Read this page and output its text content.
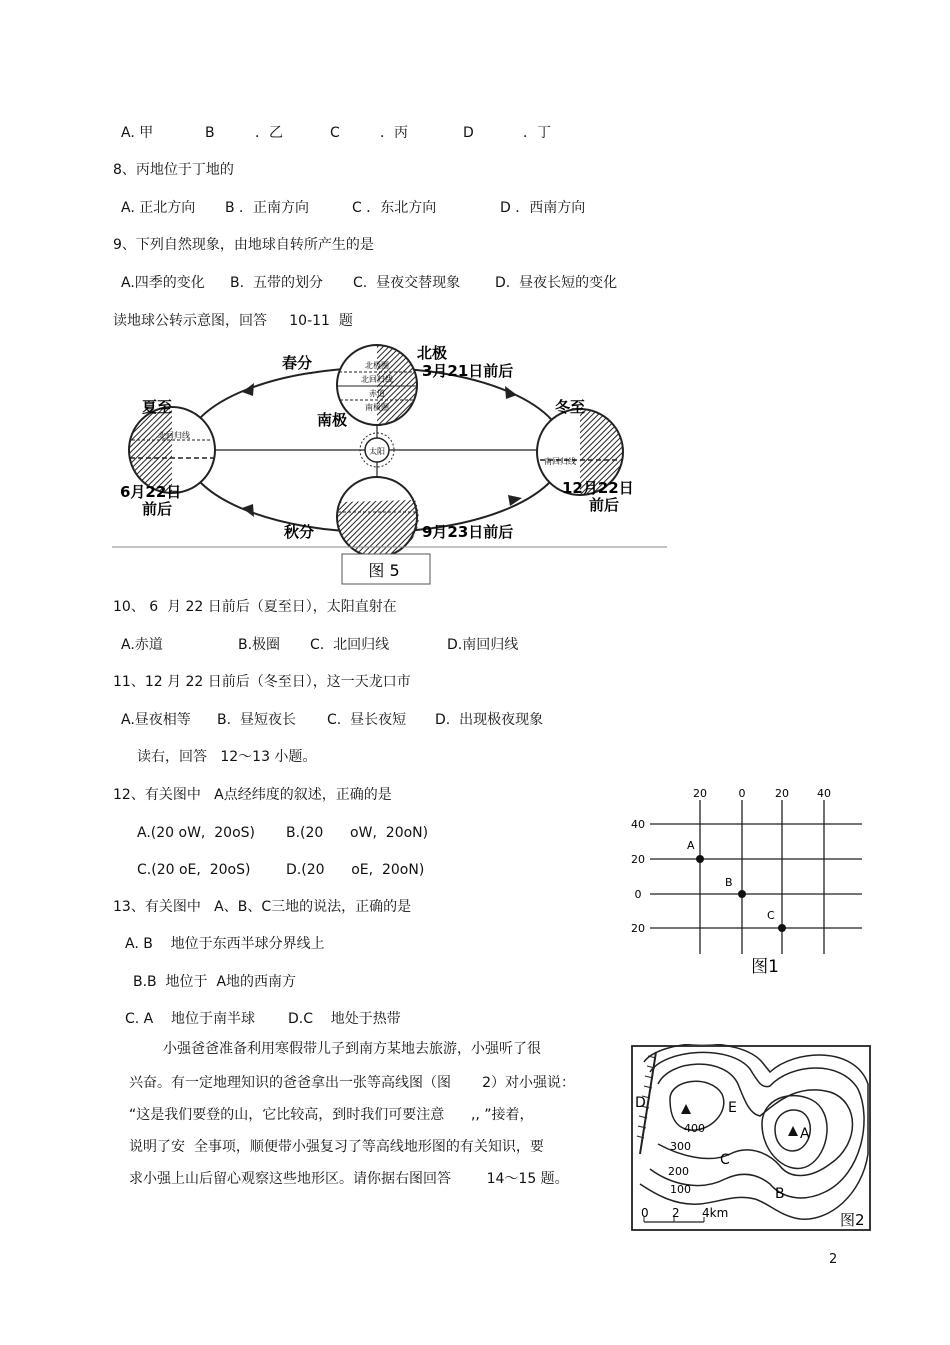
A. 甲	B	．乙	C	．丙	D	．丁
8、丙地位于丁地的
A. 正北方向 B ．正南方向	C ．东北方向	D ．西南方向
9、下列自然现象，由地球自转所产生的是
A.四季的变化 B.  五带的划分 C.  昼夜交替现象 D.  昼夜长短的变化
读地球公转示意图，回答     10-11  题
太阳
北极圈
北回归线
赤道
南极圈
北回归线
南回归线
春分
北极
3月21日前后
南极
夏至	冬至
6月22日
前后
12月22日
前后
秋分	9月23日前后
图 5
10、 6  月 22 日前后（夏至日），太阳直射在
A.赤道	B.极圈 C.  北回归线	D.南回归线
11、12 月 22 日前后（冬至日），这一天龙口市
A.昼夜相等 B.  昼短夜长 C.  昼长夜短 D.  出现极夜现象
读右，回答   12～13 小题。
12、有关图中   A点经纬度的叙述，正确的是
A.(20 oW,  20oS) B.(20      oW,  20oN)
C.(20 oE,  20oS)	D.(20      oE,  20oN)
13、有关图中   A、B、C三地的说法，正确的是
A. B    地位于东西半球分界线上
B.B  地位于  A地的西南方
C. A    地位于南半球 D.C    地处于热带
20	0	20	40
40
20
0
20
A
B
C
图1
小强爸爸准备利用寒假带儿子到南方某地去旅游，小强听了很
兴奋。有一定地理知识的爸爸拿出一张等高线图（图       2）对小强说：
“这是我们要登的山，它比较高，到时我们可要注意      ,, ”接着，
说明了安  全事项，顺便带小强复习了等高线地形图的有关知识，要
求小强上山后留心观察这些地形区。请你据右图回答        14～15 题。
400
300
200
100
A
B
C
D	E
0 2 4km	图2
2
